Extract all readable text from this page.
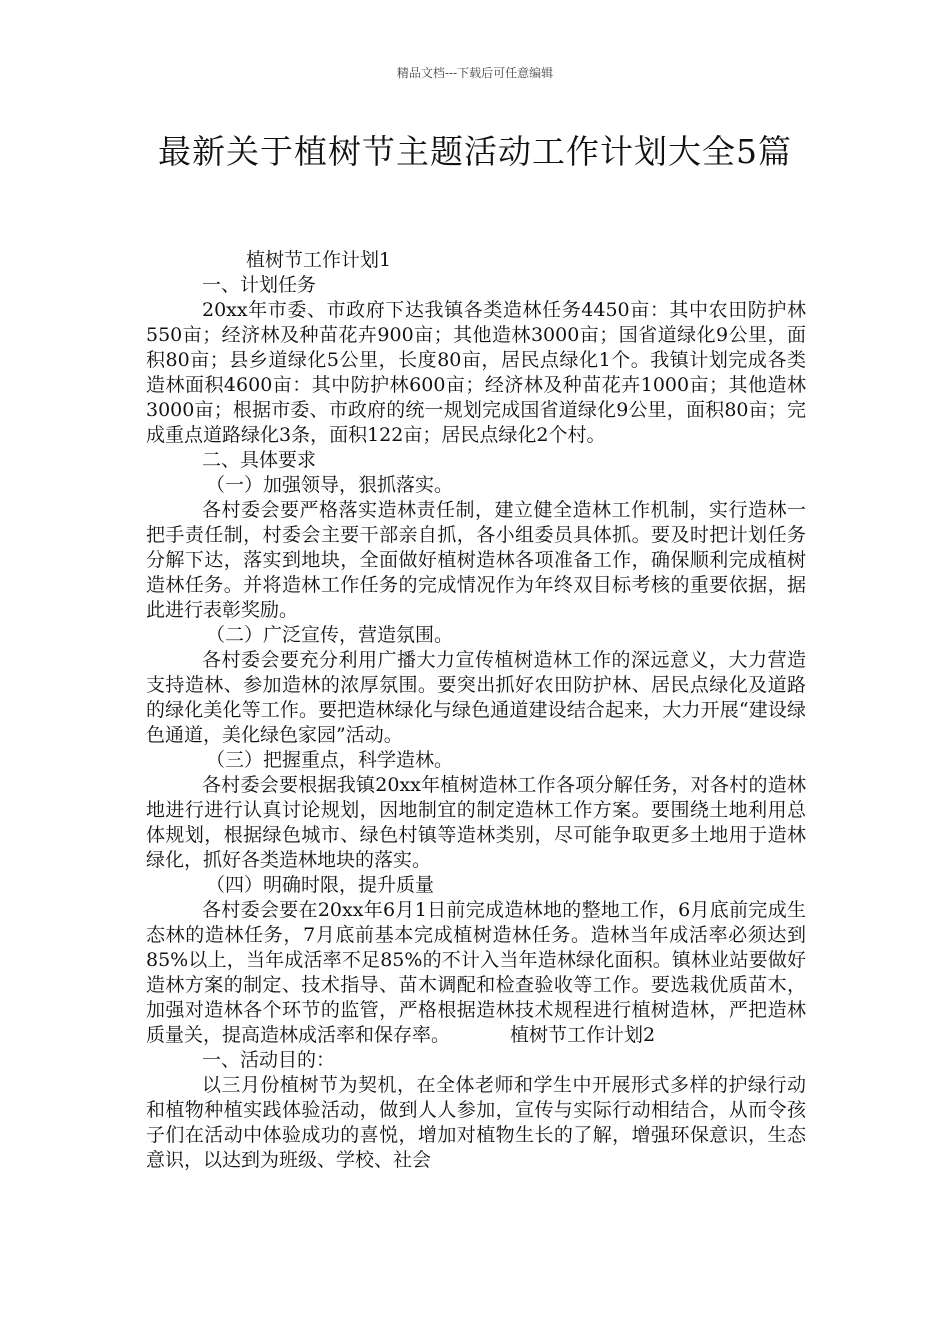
精品文档---下载后可任意编辑
最新关于植树节主题活动工作计划大全5篇

植树节工作计划1

一、计划任务

20xx年市委、市政府下达我镇各类造林任务4450亩：其中农田防护林550亩；经济林及种苗花卉900亩；其他造林3000亩；国省道绿化9公里，面积80亩；县乡道绿化5公里，长度80亩，居民点绿化1个。我镇计划完成各类造林面积4600亩：其中防护林600亩；经济林及种苗花卉1000亩；其他造林3000亩；根据市委、市政府的统一规划完成国省道绿化9公里，面积80亩；完成重点道路绿化3条，面积122亩；居民点绿化2个村。

二、具体要求

（一）加强领导，狠抓落实。

各村委会要严格落实造林责任制，建立健全造林工作机制，实行造林一把手责任制，村委会主要干部亲自抓，各小组委员具体抓。要及时把计划任务分解下达，落实到地块，全面做好植树造林各项准备工作，确保顺利完成植树造林任务。并将造林工作任务的完成情况作为年终双目标考核的重要依据，据此进行表彰奖励。

（二）广泛宣传，营造氛围。

各村委会要充分利用广播大力宣传植树造林工作的深远意义，大力营造支持造林、参加造林的浓厚氛围。要突出抓好农田防护林、居民点绿化及道路的绿化美化等工作。要把造林绿化与绿色通道建设结合起来，大力开展“建设绿色通道，美化绿色家园”活动。

（三）把握重点，科学造林。

各村委会要根据我镇20xx年植树造林工作各项分解任务，对各村的造林地进行进行认真讨论规划，因地制宜的制定造林工作方案。要围绕土地利用总体规划，根据绿色城市、绿色村镇等造林类别，尽可能争取更多土地用于造林绿化，抓好各类造林地块的落实。

（四）明确时限，提升质量

各村委会要在20xx年6月1日前完成造林地的整地工作，6月底前完成生态林的造林任务，7月底前基本完成植树造林任务。造林当年成活率必须达到85%以上，当年成活率不足85%的不计入当年造林绿化面积。镇林业站要做好造林方案的制定、技术指导、苗木调配和检查验收等工作。要选栽优质苗木，加强对造林各个环节的监管，严格根据造林技术规程进行植树造林，严把造林质量关，提高造林成活率和保存率。	植树节工作计划2

一、活动目的：

以三月份植树节为契机，在全体老师和学生中开展形式多样的护绿行动和植物种植实践体验活动，做到人人参加，宣传与实际行动相结合，从而令孩子们在活动中体验成功的喜悦，增加对植物生长的了解，增强环保意识，生态意识，以达到为班级、学校、社会
